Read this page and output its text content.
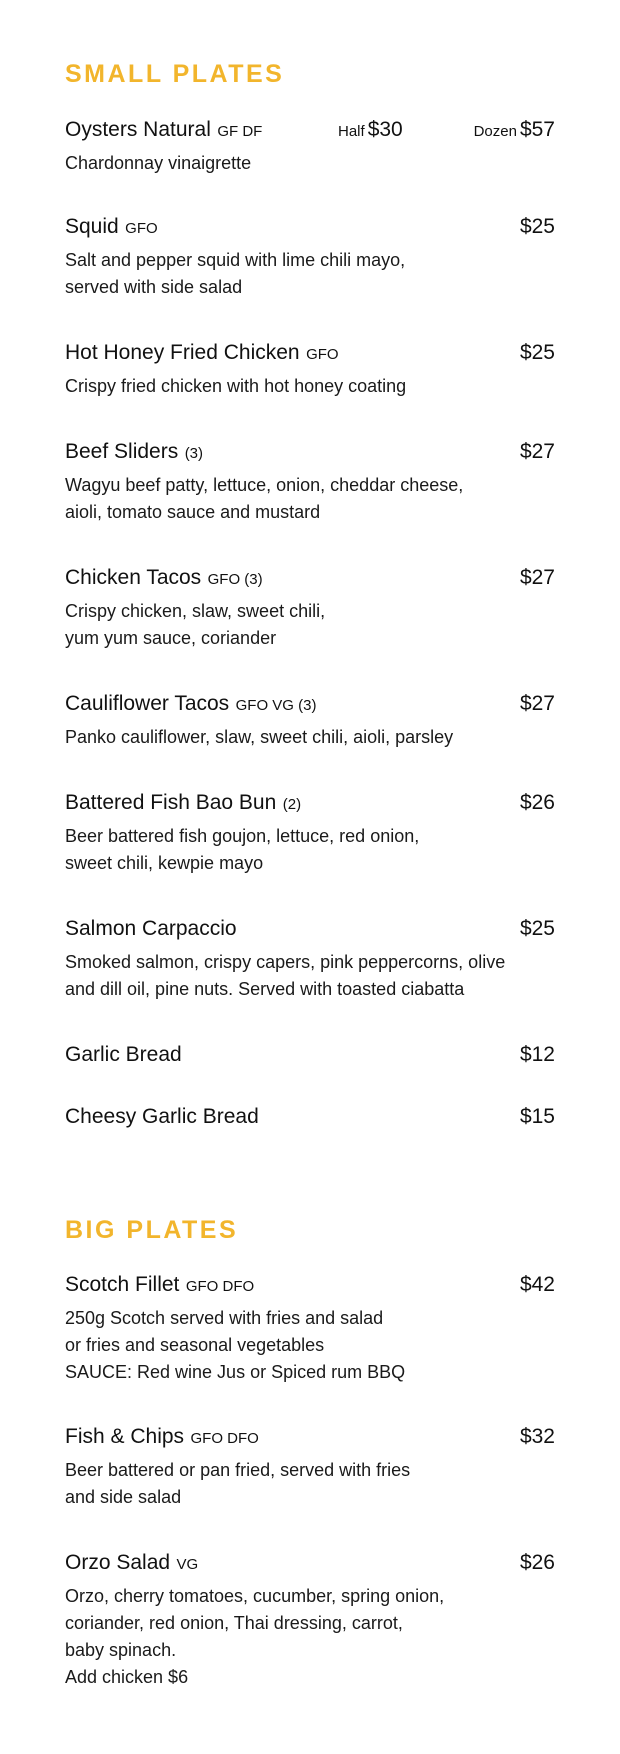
SMALL PLATES
Oysters Natural GF DF	Half $30	Dozen $57
Chardonnay vinaigrette
Squid GFO	$25
Salt and pepper squid with lime chili mayo,
served with side salad
Hot Honey Fried Chicken GFO	$25
Crispy fried chicken with hot honey coating
Beef Sliders (3)	$27
Wagyu beef patty, lettuce, onion, cheddar cheese,
aioli, tomato sauce and mustard
Chicken Tacos GFO (3)	$27
Crispy chicken, slaw, sweet chili,
yum yum sauce, coriander
Cauliflower Tacos GFO VG (3)	$27
Panko cauliflower, slaw, sweet chili, aioli, parsley
Battered Fish Bao Bun (2)	$26
Beer battered fish goujon, lettuce, red onion,
sweet chili, kewpie mayo
Salmon Carpaccio	$25
Smoked salmon, crispy capers, pink peppercorns, olive
and dill oil, pine nuts. Served with toasted ciabatta
Garlic Bread	$12
Cheesy Garlic Bread	$15
BIG PLATES
Scotch Fillet GFO DFO	$42
250g Scotch served with fries and salad
or fries and seasonal vegetables
SAUCE: Red wine Jus or Spiced rum BBQ
Fish & Chips GFO DFO	$32
Beer battered or pan fried, served with fries
and side salad
Orzo Salad VG	$26
Orzo, cherry tomatoes, cucumber, spring onion,
coriander, red onion, Thai dressing, carrot,
baby spinach.
Add chicken $6
